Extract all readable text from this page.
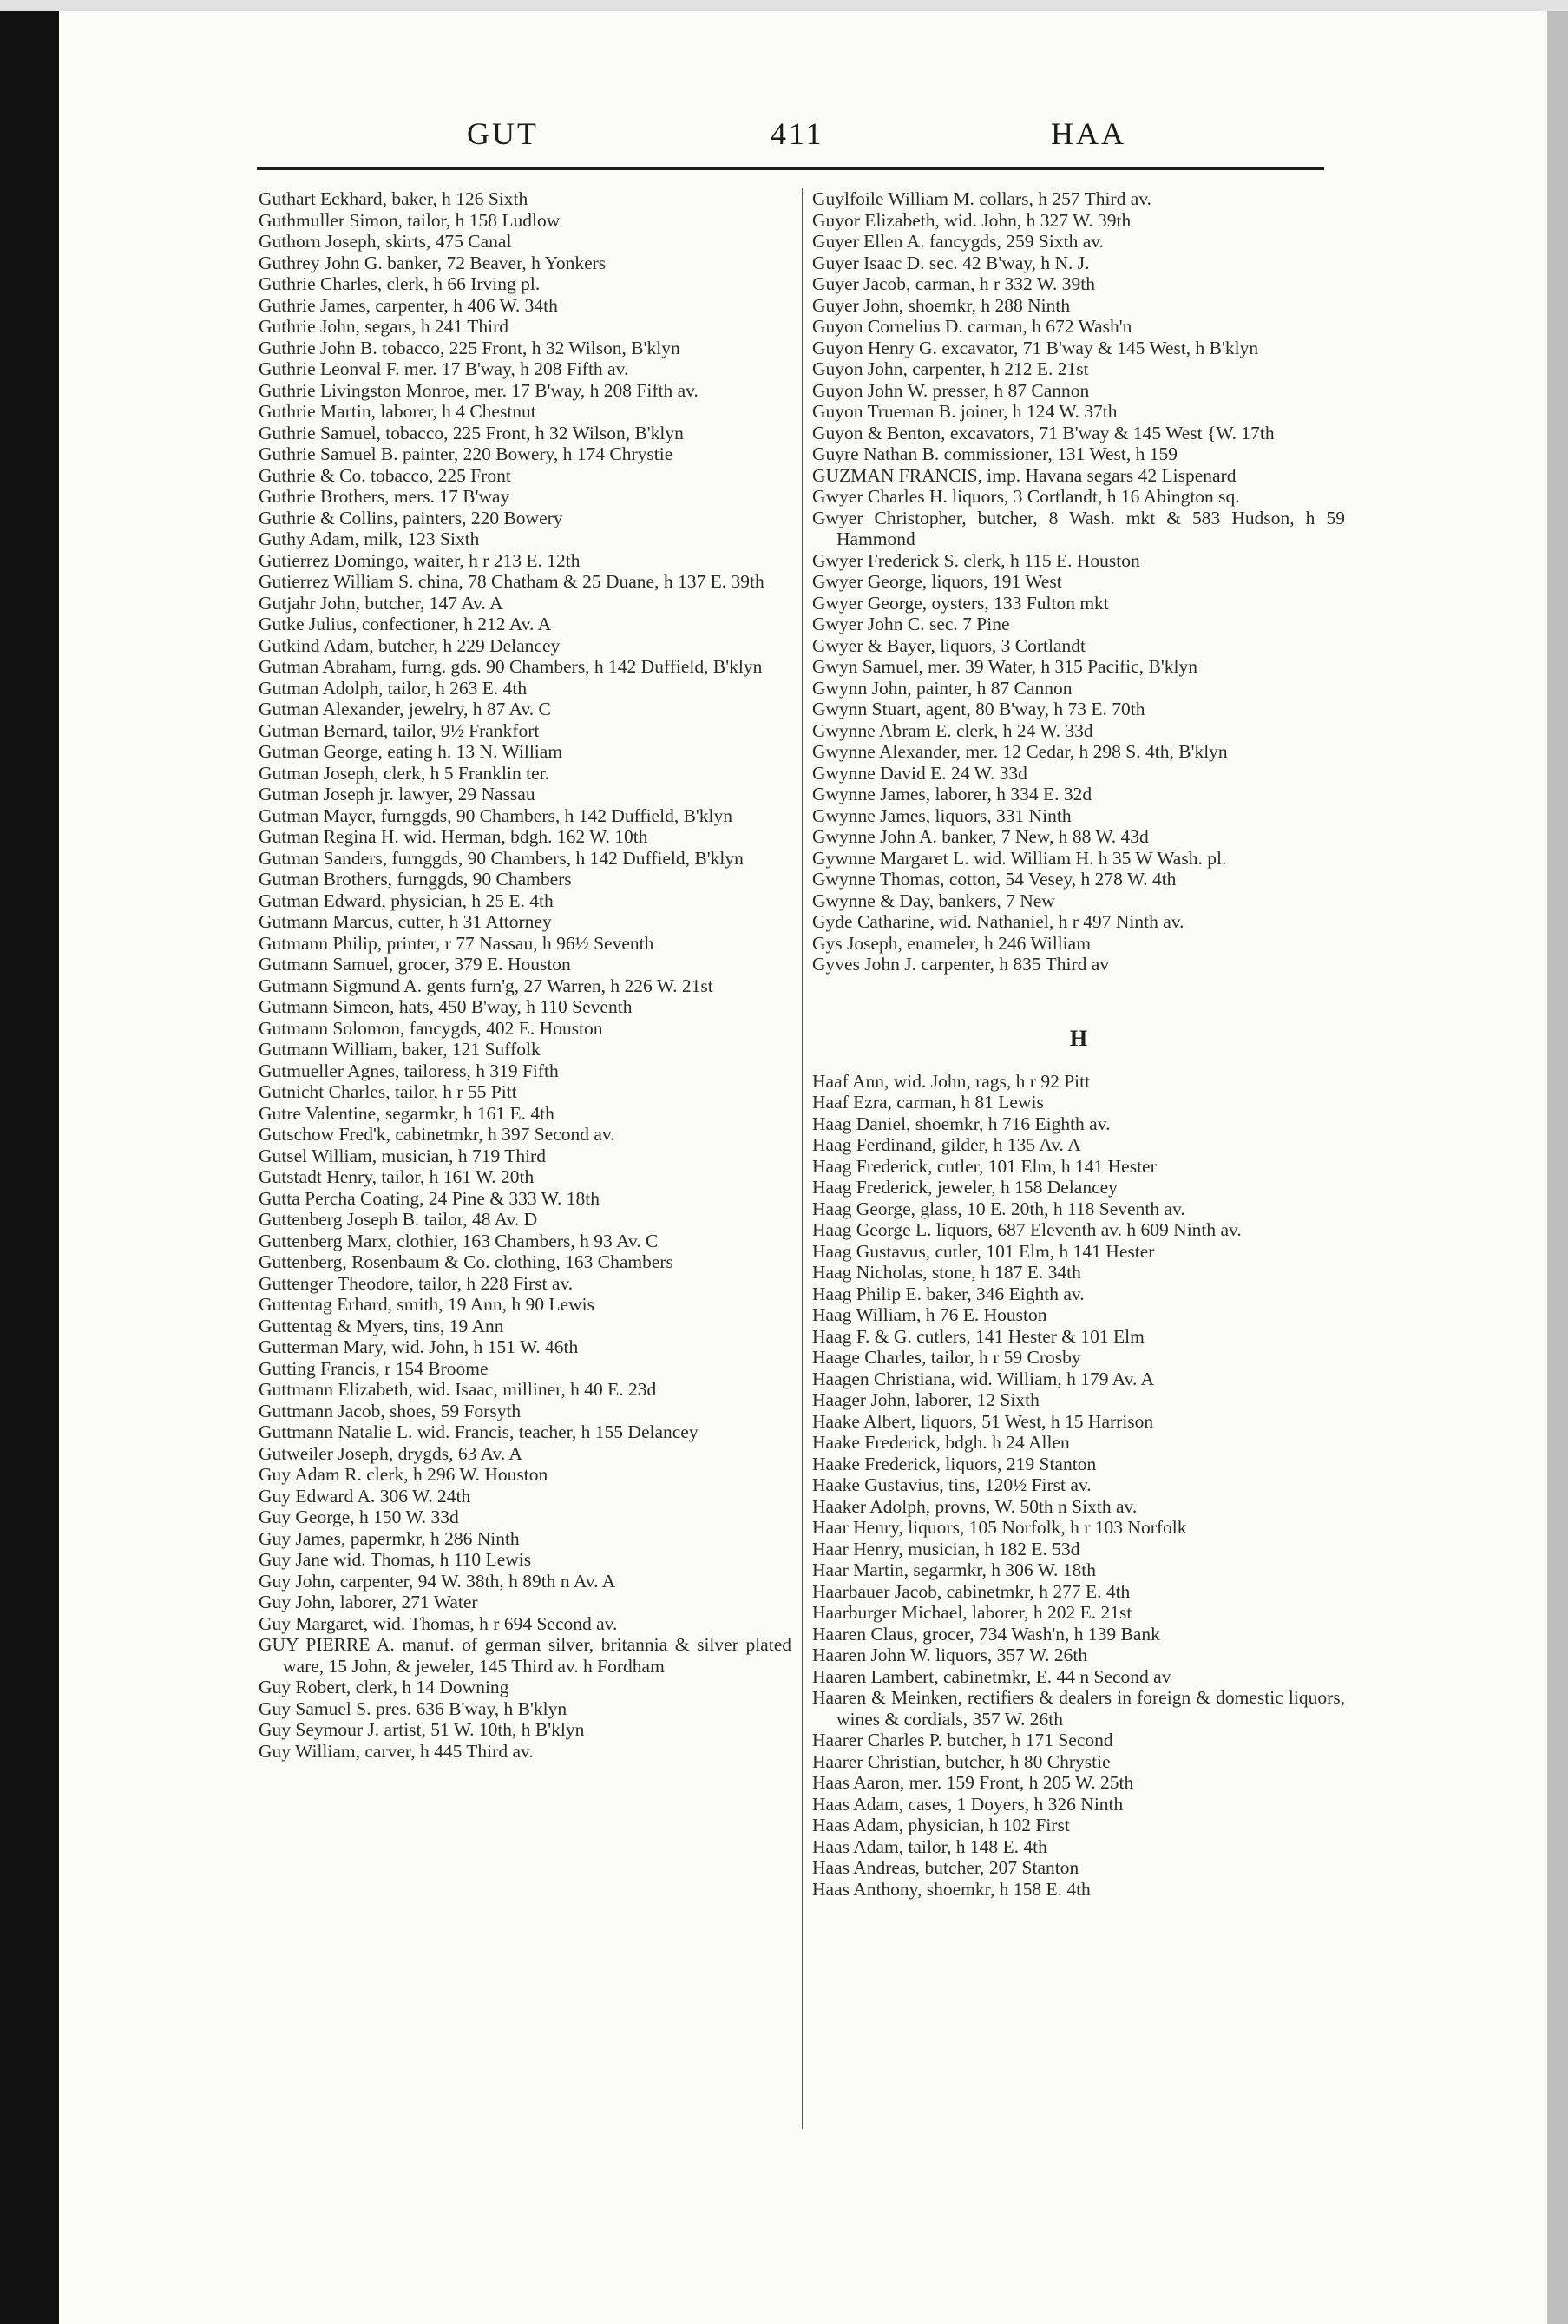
GUT	411	HAA
Guthart Eckhard, baker, h 126 Sixth
Guthmuller Simon, tailor, h 158 Ludlow
Guthorn Joseph, skirts, 475 Canal
Guthrey John G. banker, 72 Beaver, h Yonkers
Guthrie Charles, clerk, h 66 Irving pl.
Guthrie James, carpenter, h 406 W. 34th
Guthrie John, segars, h 241 Third
Guthrie John B. tobacco, 225 Front, h 32 Wilson, B'klyn
Guthrie Leonval F. mer. 17 B'way, h 208 Fifth av.
Guthrie Livingston Monroe, mer. 17 B'way, h 208 Fifth av.
Guthrie Martin, laborer, h 4 Chestnut
Guthrie Samuel, tobacco, 225 Front, h 32 Wilson, B'klyn
Guthrie Samuel B. painter, 220 Bowery, h 174 Chrystie
Guthrie & Co. tobacco, 225 Front
Guthrie Brothers, mers. 17 B'way
Guthrie & Collins, painters, 220 Bowery
Guthy Adam, milk, 123 Sixth
Gutierrez Domingo, waiter, h r 213 E. 12th
Gutierrez William S. china, 78 Chatham & 25 Duane, h 137 E. 39th
Gutjahr John, butcher, 147 Av. A
Gutke Julius, confectioner, h 212 Av. A
Gutkind Adam, butcher, h 229 Delancey
Gutman Abraham, furng. gds. 90 Chambers, h 142 Duffield, B'klyn
Gutman Adolph, tailor, h 263 E. 4th
Gutman Alexander, jewelry, h 87 Av. C
Gutman Bernard, tailor, 9½ Frankfort
Gutman George, eating h. 13 N. William
Gutman Joseph, clerk, h 5 Franklin ter.
Gutman Joseph jr. lawyer, 29 Nassau
Gutman Mayer, furnggds, 90 Chambers, h 142 Duffield, B'klyn
Gutman Regina H. wid. Herman, bdgh. 162 W. 10th
Gutman Sanders, furnggds, 90 Chambers, h 142 Duffield, B'klyn
Gutman Brothers, furnggds, 90 Chambers
Gutman Edward, physician, h 25 E. 4th
Gutmann Marcus, cutter, h 31 Attorney
Gutmann Philip, printer, r 77 Nassau, h 96½ Seventh
Gutmann Samuel, grocer, 379 E. Houston
Gutmann Sigmund A. gents furn'g, 27 Warren, h 226 W. 21st
Gutmann Simeon, hats, 450 B'way, h 110 Seventh
Gutmann Solomon, fancygds, 402 E. Houston
Gutmann William, baker, 121 Suffolk
Gutmueller Agnes, tailoress, h 319 Fifth
Gutnicht Charles, tailor, h r 55 Pitt
Gutre Valentine, segarmkr, h 161 E. 4th
Gutschow Fred'k, cabinetmkr, h 397 Second av.
Gutsel William, musician, h 719 Third
Gutstadt Henry, tailor, h 161 W. 20th
Gutta Percha Coating, 24 Pine & 333 W. 18th
Guttenberg Joseph B. tailor, 48 Av. D
Guttenberg Marx, clothier, 163 Chambers, h 93 Av. C
Guttenberg, Rosenbaum & Co. clothing, 163 Chambers
Guttenger Theodore, tailor, h 228 First av.
Guttentag Erhard, smith, 19 Ann, h 90 Lewis
Guttentag & Myers, tins, 19 Ann
Gutterman Mary, wid. John, h 151 W. 46th
Gutting Francis, r 154 Broome
Guttmann Elizabeth, wid. Isaac, milliner, h 40 E. 23d
Guttmann Jacob, shoes, 59 Forsyth
Guttmann Natalie L. wid. Francis, teacher, h 155 Delancey
Gutweiler Joseph, drygds, 63 Av. A
Guy Adam R. clerk, h 296 W. Houston
Guy Edward A. 306 W. 24th
Guy George, h 150 W. 33d
Guy James, papermkr, h 286 Ninth
Guy Jane wid. Thomas, h 110 Lewis
Guy John, carpenter, 94 W. 38th, h 89th n Av. A
Guy John, laborer, 271 Water
Guy Margaret, wid. Thomas, h r 694 Second av.
GUY PIERRE A. manuf. of german silver, britannia & silver plated ware, 15 John, & jeweler, 145 Third av. h Fordham
Guy Robert, clerk, h 14 Downing
Guy Samuel S. pres. 636 B'way, h B'klyn
Guy Seymour J. artist, 51 W. 10th, h B'klyn
Guy William, carver, h 445 Third av.
Guylfoile William M. collars, h 257 Third av.
Guyor Elizabeth, wid. John, h 327 W. 39th
Guyer Ellen A. fancygds, 259 Sixth av.
Guyer Isaac D. sec. 42 B'way, h N. J.
Guyer Jacob, carman, h r 332 W. 39th
Guyer John, shoemkr, h 288 Ninth
Guyon Cornelius D. carman, h 672 Wash'n
Guyon Henry G. excavator, 71 B'way & 145 West, h B'klyn
Guyon John, carpenter, h 212 E. 21st
Guyon John W. presser, h 87 Cannon
Guyon Trueman B. joiner, h 124 W. 37th
Guyon & Benton, excavators, 71 B'way & 145 West {W. 17th
Guyre Nathan B. commissioner, 131 West, h 159
GUZMAN FRANCIS, imp. Havana segars 42 Lispenard
Gwyer Charles H. liquors, 3 Cortlandt, h 16 Abington sq.
Gwyer Christopher, butcher, 8 Wash. mkt & 583 Hudson, h 59 Hammond
Gwyer Frederick S. clerk, h 115 E. Houston
Gwyer George, liquors, 191 West
Gwyer George, oysters, 133 Fulton mkt
Gwyer John C. sec. 7 Pine
Gwyer & Bayer, liquors, 3 Cortlandt
Gwyn Samuel, mer. 39 Water, h 315 Pacific, B'klyn
Gwynn John, painter, h 87 Cannon
Gwynn Stuart, agent, 80 B'way, h 73 E. 70th
Gwynne Abram E. clerk, h 24 W. 33d
Gwynne Alexander, mer. 12 Cedar, h 298 S. 4th, B'klyn
Gwynne David E. 24 W. 33d
Gwynne James, laborer, h 334 E. 32d
Gwynne James, liquors, 331 Ninth
Gwynne John A. banker, 7 New, h 88 W. 43d
Gywnne Margaret L. wid. William H. h 35 W Wash. pl.
Gwynne Thomas, cotton, 54 Vesey, h 278 W. 4th
Gwynne & Day, bankers, 7 New
Gyde Catharine, wid. Nathaniel, h r 497 Ninth av.
Gys Joseph, enameler, h 246 William
Gyves John J. carpenter, h 835 Third av
H
Haaf Ann, wid. John, rags, h r 92 Pitt
Haaf Ezra, carman, h 81 Lewis
Haag Daniel, shoemkr, h 716 Eighth av.
Haag Ferdinand, gilder, h 135 Av. A
Haag Frederick, cutler, 101 Elm, h 141 Hester
Haag Frederick, jeweler, h 158 Delancey
Haag George, glass, 10 E. 20th, h 118 Seventh av.
Haag George L. liquors, 687 Eleventh av. h 609 Ninth av.
Haag Gustavus, cutler, 101 Elm, h 141 Hester
Haag Nicholas, stone, h 187 E. 34th
Haag Philip E. baker, 346 Eighth av.
Haag William, h 76 E. Houston
Haag F. & G. cutlers, 141 Hester & 101 Elm
Haage Charles, tailor, h r 59 Crosby
Haagen Christiana, wid. William, h 179 Av. A
Haager John, laborer, 12 Sixth
Haake Albert, liquors, 51 West, h 15 Harrison
Haake Frederick, bdgh. h 24 Allen
Haake Frederick, liquors, 219 Stanton
Haake Gustavius, tins, 120½ First av.
Haaker Adolph, provns, W. 50th n Sixth av.
Haar Henry, liquors, 105 Norfolk, h r 103 Norfolk
Haar Henry, musician, h 182 E. 53d
Haar Martin, segarmkr, h 306 W. 18th
Haarbauer Jacob, cabinetmkr, h 277 E. 4th
Haarburger Michael, laborer, h 202 E. 21st
Haaren Claus, grocer, 734 Wash'n, h 139 Bank
Haaren John W. liquors, 357 W. 26th
Haaren Lambert, cabinetmkr, E. 44 n Second av
Haaren & Meinken, rectifiers & dealers in foreign & domestic liquors, wines & cordials, 357 W. 26th
Haarer Charles P. butcher, h 171 Second
Haarer Christian, butcher, h 80 Chrystie
Haas Aaron, mer. 159 Front, h 205 W. 25th
Haas Adam, cases, 1 Doyers, h 326 Ninth
Haas Adam, physician, h 102 First
Haas Adam, tailor, h 148 E. 4th
Haas Andreas, butcher, 207 Stanton
Haas Anthony, shoemkr, h 158 E. 4th
